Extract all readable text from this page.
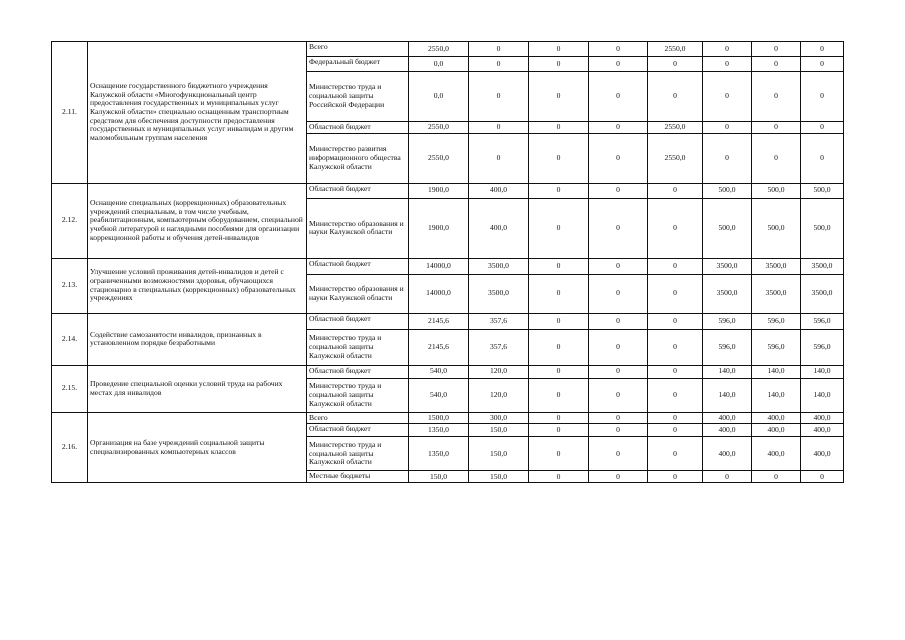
2.11.	Оснащение государственного бюджетного учреждения Калужской области «Многофункциональный центр предоставления государственных и муниципальных услуг Калужской области» специально оснащенным транспортным средством для обеспечения доступности предоставления государственных и муниципальных услуг инвалидам и другим маломобильным группам населения	Всего	2550,0	0	0	0	2550,0	0	0	0
		Федеральный бюджет	0,0	0	0	0	0	0	0	0
		Министерство труда и социальной защиты Российской Федерации	0,0	0	0	0	0	0	0	0
		Областной бюджет	2550,0	0	0	0	2550,0	0	0	0
		Министерство развития информационного общества Калужской области	2550,0	0	0	0	2550,0	0	0	0
2.12.	Оснащение специальных (коррекционных) образовательных учреждений специальным, в том числе учебным, реабилитационным, компьютерным оборудованием, специальной учебной литературой и наглядными пособиями для организации коррекционной работы и обучения детей-инвалидов	Областной бюджет	1900,0	400,0	0	0	0	500,0	500,0	500,0
		Министерство образования и науки Калужской области	1900,0	400,0	0	0	0	500,0	500,0	500,0
2.13.	Улучшение условий проживания детей-инвалидов и детей с ограниченными возможностями здоровья, обучающихся стационарно в специальных (коррекционных) образовательных учреждениях	Областной бюджет	14000,0	3500,0	0	0	0	3500,0	3500,0	3500,0
		Министерство образования и науки Калужской области	14000,0	3500,0	0	0	0	3500,0	3500,0	3500,0
2.14.	Содействие самозанятости инвалидов, признанных в установленном порядке безработными	Областной бюджет	2145,6	357,6	0	0	0	596,0	596,0	596,0
		Министерство труда и социальной защиты Калужской области	2145,6	357,6	0	0	0	596,0	596,0	596,0
2.15.	Проведение специальной оценки условий труда на рабочих местах для инвалидов	Областной бюджет	540,0	120,0	0	0	0	140,0	140,0	140,0
		Министерство труда и социальной защиты Калужской области	540,0	120,0	0	0	0	140,0	140,0	140,0
2.16.	Организация на базе учреждений социальной защиты специализированных компьютерных классов	Всего	1500,0	300,0	0	0	0	400,0	400,0	400,0
		Областной бюджет	1350,0	150,0	0	0	0	400,0	400,0	400,0
		Министерство труда и социальной защиты Калужской области	1350,0	150,0	0	0	0	400,0	400,0	400,0
		Местные бюджеты	150,0	150,0	0	0	0	0	0	0
